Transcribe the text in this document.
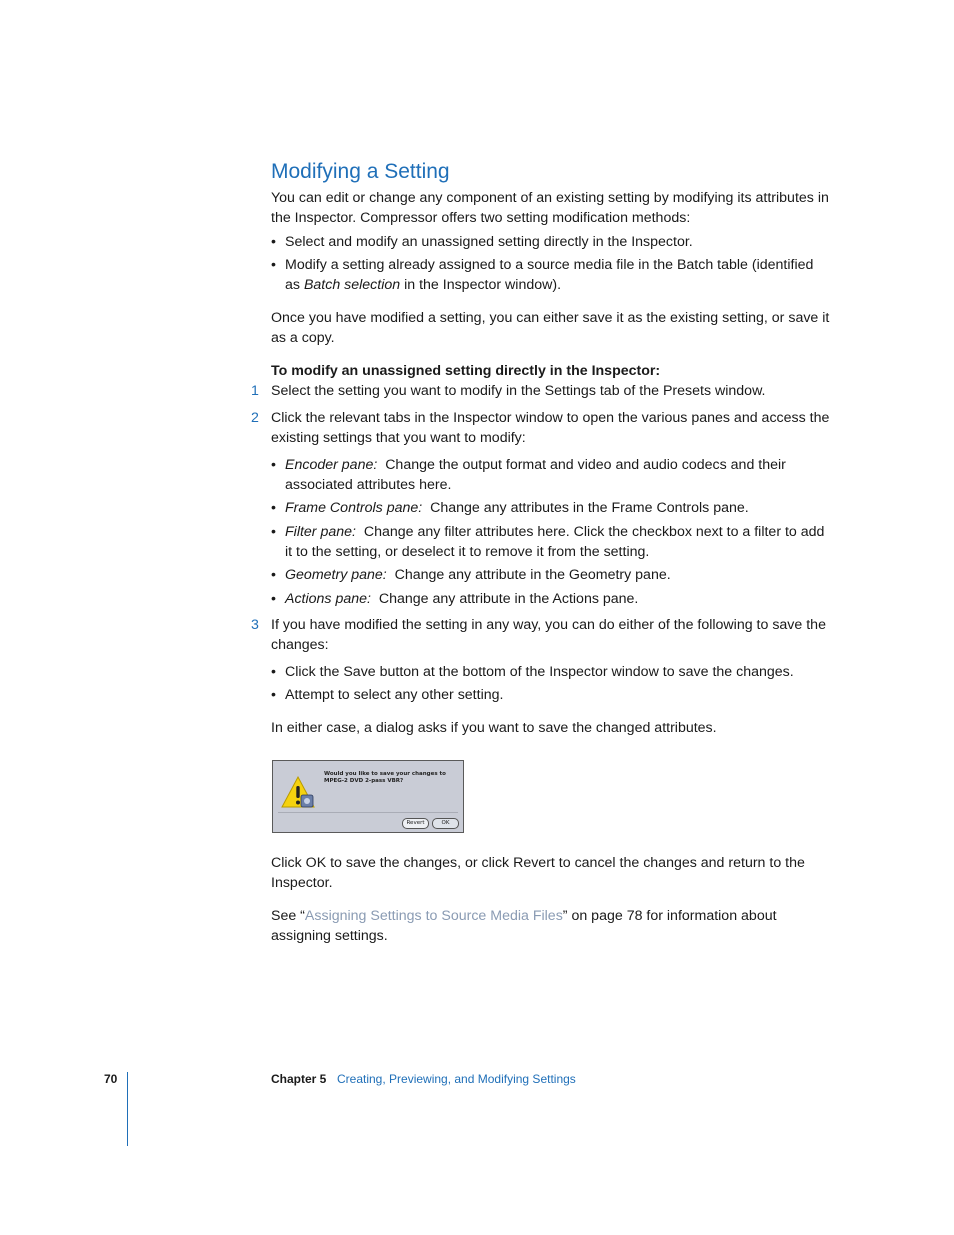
Modifying a Setting

You can edit or change any component of an existing setting by modifying its attributes in the Inspector. Compressor offers two setting modification methods:

• Select and modify an unassigned setting directly in the Inspector.
• Modify a setting already assigned to a source media file in the Batch table (identified as Batch selection in the Inspector window).

Once you have modified a setting, you can either save it as the existing setting, or save it as a copy.

To modify an unassigned setting directly in the Inspector:
1 Select the setting you want to modify in the Settings tab of the Presets window.
2 Click the relevant tabs in the Inspector window to open the various panes and access the existing settings that you want to modify:
• Encoder pane: Change the output format and video and audio codecs and their associated attributes here.
• Frame Controls pane: Change any attributes in the Frame Controls pane.
• Filter pane: Change any filter attributes here. Click the checkbox next to a filter to add it to the setting, or deselect it to remove it from the setting.
• Geometry pane: Change any attribute in the Geometry pane.
• Actions pane: Change any attribute in the Actions pane.
3 If you have modified the setting in any way, you can do either of the following to save the changes:
• Click the Save button at the bottom of the Inspector window to save the changes.
• Attempt to select any other setting.

In either case, a dialog asks if you want to save the changed attributes.

Would you like to save your changes to
MPEG-2 DVD 2-pass VBR?
Revert	OK

Click OK to save the changes, or click Revert to cancel the changes and return to the Inspector.

See “Assigning Settings to Source Media Files” on page 78 for information about assigning settings.

70	Chapter 5 Creating, Previewing, and Modifying Settings
